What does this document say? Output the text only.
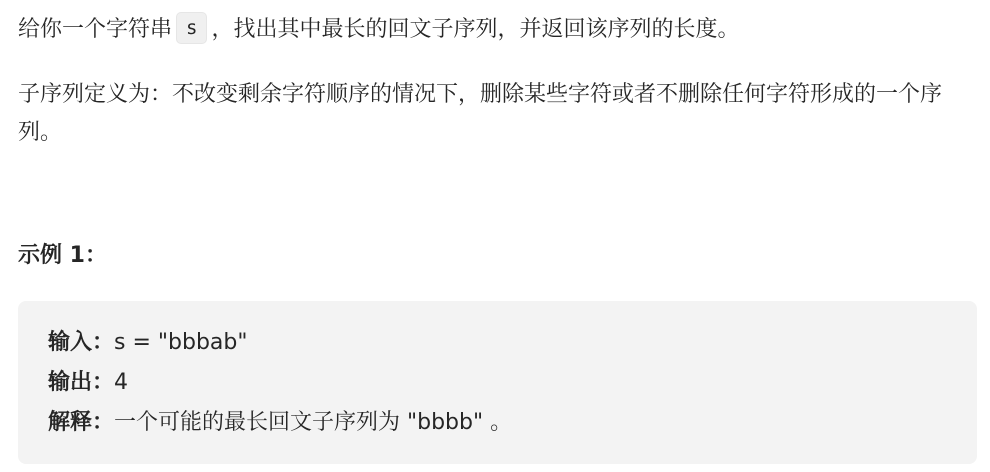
给你一个字符串 s ，找出其中最长的回文子序列，并返回该序列的长度。

子序列定义为：不改变剩余字符顺序的情况下，删除某些字符或者不删除任何字符形成的一个序列。

示例 1：
输入：s = "bbbab"
输出：4
解释：一个可能的最长回文子序列为 "bbbb" 。
